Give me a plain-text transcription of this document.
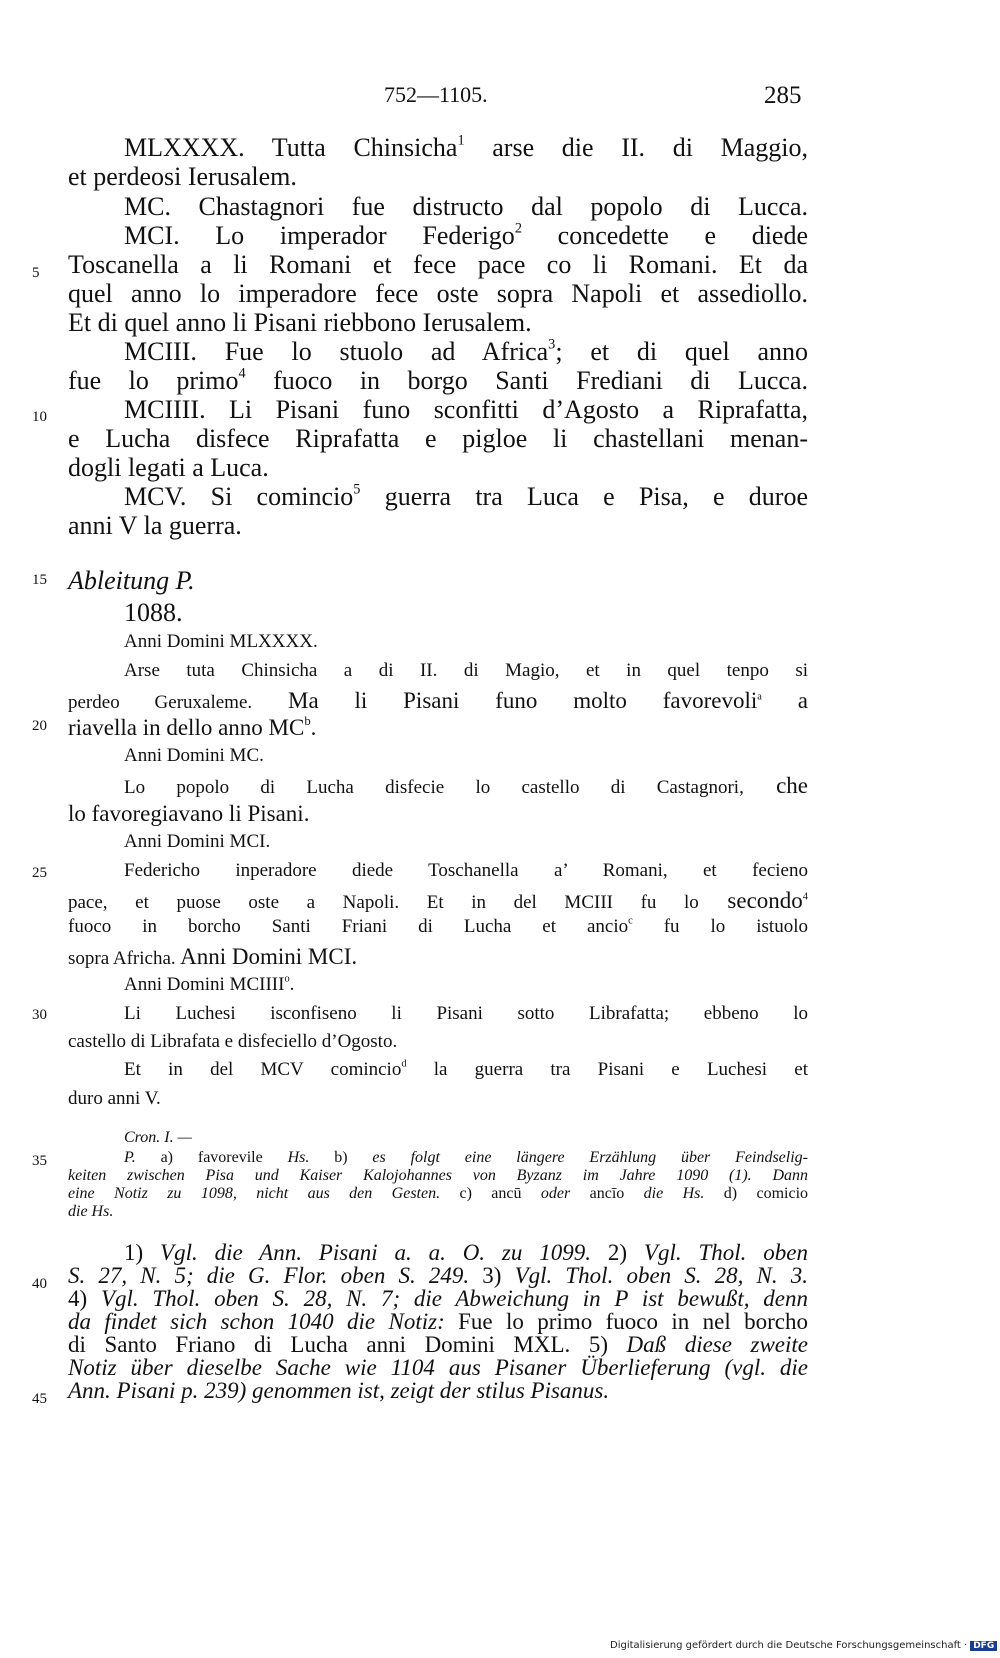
752—1105.	285
5
10
15
20
25
30
35
40
45
MLXXXX. Tutta Chinsicha$^1$ arse die II. di Maggio,
et perdeosi Ierusalem.
MC. Chastagnori fue distructo dal popolo di Lucca.
MCI. Lo imperador Federigo$^2$ concedette e diede
Toscanella a li Romani et fece pace co li Romani. Et da
quel anno lo imperadore fece oste sopra Napoli et assediollo.
Et di quel anno li Pisani riebbono Ierusalem.
MCIII. Fue lo stuolo ad Africa$^3$; et di quel anno
fue lo primo$^4$ fuoco in borgo Santi Frediani di Lucca.
MCIIII. Li Pisani funo sconfitti d’Agosto a Riprafatta,
e Lucha disfece Riprafatta e pigloe li chastellani menan-
dogli legati a Luca.
MCV. Si comincio$^5$ guerra tra Luca e Pisa, e duroe
anni V la guerra.
Ableitung P.
1088.
Anni Domini MLXXXX.
Arse tuta Chinsicha a di II. di Magio, et in quel tenpo si
perdeo Geruxaleme. Ma li Pisani funo molto favorevoli$^a$ a
riavella in dello anno $MC^b$.
Anni Domini MC.
Lo popolo di Lucha disfecie lo castello di Castagnori, che
lo favoregiavano li Pisani.
Anni Domini MCI.
Federicho inperadore diede Toschanella a’ Romani, et fecieno
pace, et puose oste a Napoli. Et in del MCIII fu lo secondo$^4$
fuoco in borcho Santi Friani di Lucha et ancio$^c$ fu lo istuolo
sopra Africha. Anni Domini MCI.
Anni Domini MCIIII$^o$.
Li Luchesi isconfiseno li Pisani sotto Librafatta; ebbeno lo
castello di Librafata e disfeciello d’Ogosto.
Et in del MCV comincio$^d$ la guerra tra Pisani e Luchesi et
duro anni V.
Cron. I. —
P. a) favorevile Hs. b) es folgt eine längere Erzählung über Feindselig-
keiten zwischen Pisa und Kaiser Kalojohannes von Byzanz im Jahre 1090 (1). Dann
eine Notiz zu 1098, nicht aus den Gesten. c) ancū oder ancīo die Hs. d) comicio
die Hs.
1) Vgl. die Ann. Pisani a. a. O. zu 1099. 2) Vgl. Thol. oben
S. 27, N. 5; die G. Flor. oben S. 249. 3) Vgl. Thol. oben S. 28, N. 3.
4) Vgl. Thol. oben S. 28, N. 7; die Abweichung in P ist bewußt, denn
da findet sich schon 1040 die Notiz: Fue lo primo fuoco in nel borcho
di Santo Friano di Lucha anni Domini MXL. 5) Daß diese zweite
Notiz über dieselbe Sache wie 1104 aus Pisaner Überlieferung (vgl. die
Ann. Pisani p. 239) genommen ist, zeigt der stilus Pisanus.
Digitalisierung gefördert durch die Deutsche Forschungsgemeinschaft · DFG
